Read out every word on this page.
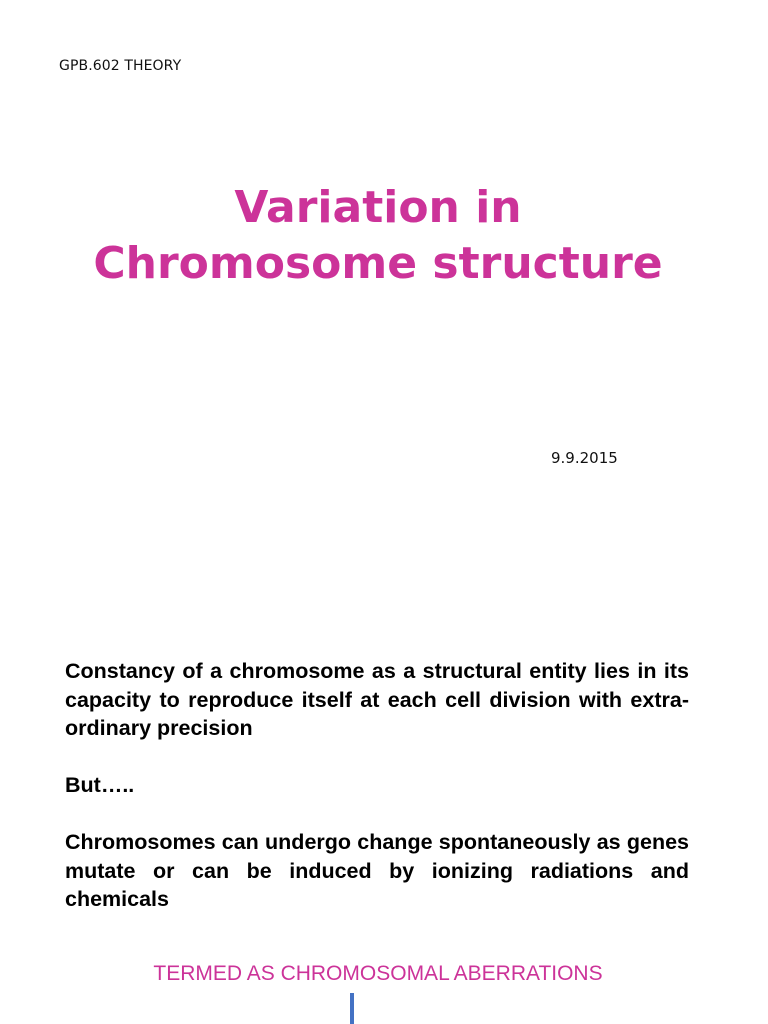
GPB.602 THEORY
Variation in
Chromosome structure
9.9.2015

Constancy of a chromosome as a structural entity lies in its capacity to reproduce itself at each cell division with extra-ordinary precision

But…..

Chromosomes can undergo change spontaneously as genes mutate or can be induced by ionizing radiations and chemicals

TERMED AS CHROMOSOMAL ABERRATIONS
